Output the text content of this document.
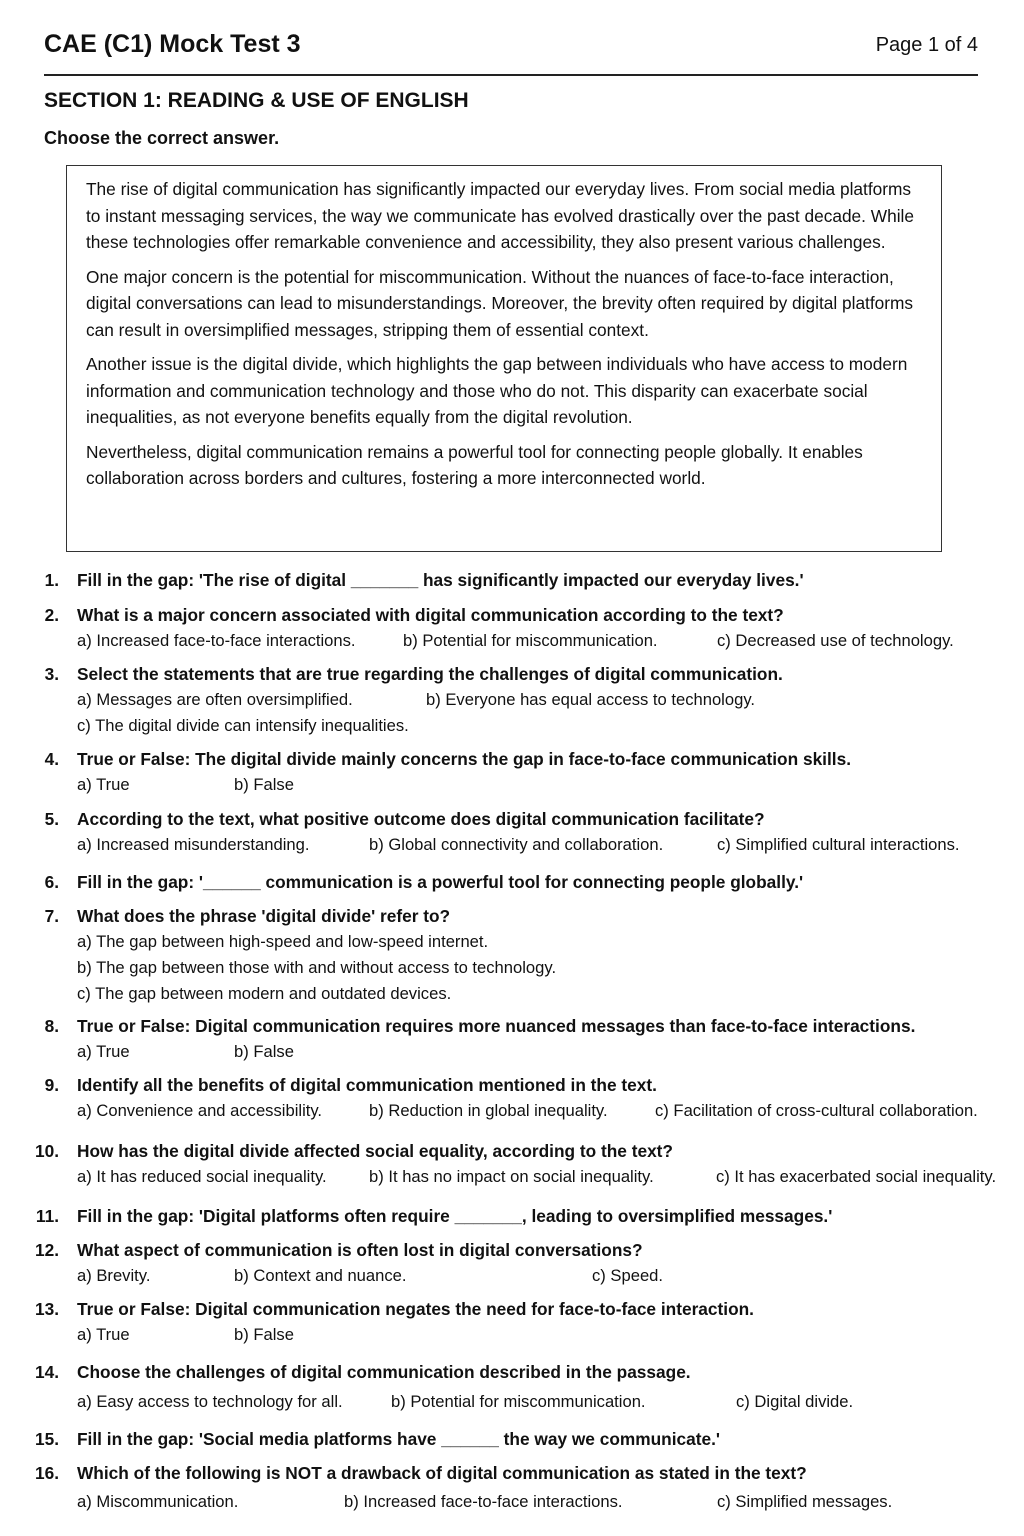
CAE (C1) Mock Test 3	Page 1 of 4
SECTION 1: READING & USE OF ENGLISH
Choose the correct answer.

The rise of digital communication has significantly impacted our everyday lives. From social media platforms to instant messaging services, the way we communicate has evolved drastically over the past decade. While these technologies offer remarkable convenience and accessibility, they also present various challenges.

One major concern is the potential for miscommunication. Without the nuances of face-to-face interaction, digital conversations can lead to misunderstandings. Moreover, the brevity often required by digital platforms can result in oversimplified messages, stripping them of essential context.

Another issue is the digital divide, which highlights the gap between individuals who have access to modern information and communication technology and those who do not. This disparity can exacerbate social inequalities, as not everyone benefits equally from the digital revolution.

Nevertheless, digital communication remains a powerful tool for connecting people globally. It enables collaboration across borders and cultures, fostering a more interconnected world.

1. Fill in the gap: 'The rise of digital _______ has significantly impacted our everyday lives.'
2. What is a major concern associated with digital communication according to the text?
a) Increased face-to-face interactions.	b) Potential for miscommunication.	c) Decreased use of technology.
3. Select the statements that are true regarding the challenges of digital communication.
a) Messages are often oversimplified.	b) Everyone has equal access to technology.
c) The digital divide can intensify inequalities.
4. True or False: The digital divide mainly concerns the gap in face-to-face communication skills.
a) True	b) False
5. According to the text, what positive outcome does digital communication facilitate?
a) Increased misunderstanding.	b) Global connectivity and collaboration.	c) Simplified cultural interactions.
6. Fill in the gap: '______ communication is a powerful tool for connecting people globally.'
7. What does the phrase 'digital divide' refer to?
a) The gap between high-speed and low-speed internet.
b) The gap between those with and without access to technology.
c) The gap between modern and outdated devices.
8. True or False: Digital communication requires more nuanced messages than face-to-face interactions.
a) True	b) False
9. Identify all the benefits of digital communication mentioned in the text.
a) Convenience and accessibility.	b) Reduction in global inequality.	c) Facilitation of cross-cultural collaboration.
10. How has the digital divide affected social equality, according to the text?
a) It has reduced social inequality.	b) It has no impact on social inequality.	c) It has exacerbated social inequality.
11. Fill in the gap: 'Digital platforms often require _______, leading to oversimplified messages.'
12. What aspect of communication is often lost in digital conversations?
a) Brevity.	b) Context and nuance.	c) Speed.
13. True or False: Digital communication negates the need for face-to-face interaction.
a) True	b) False
14. Choose the challenges of digital communication described in the passage.
a) Easy access to technology for all.	b) Potential for miscommunication.	c) Digital divide.
15. Fill in the gap: 'Social media platforms have ______ the way we communicate.'
16. Which of the following is NOT a drawback of digital communication as stated in the text?
a) Miscommunication.	b) Increased face-to-face interactions.	c) Simplified messages.
